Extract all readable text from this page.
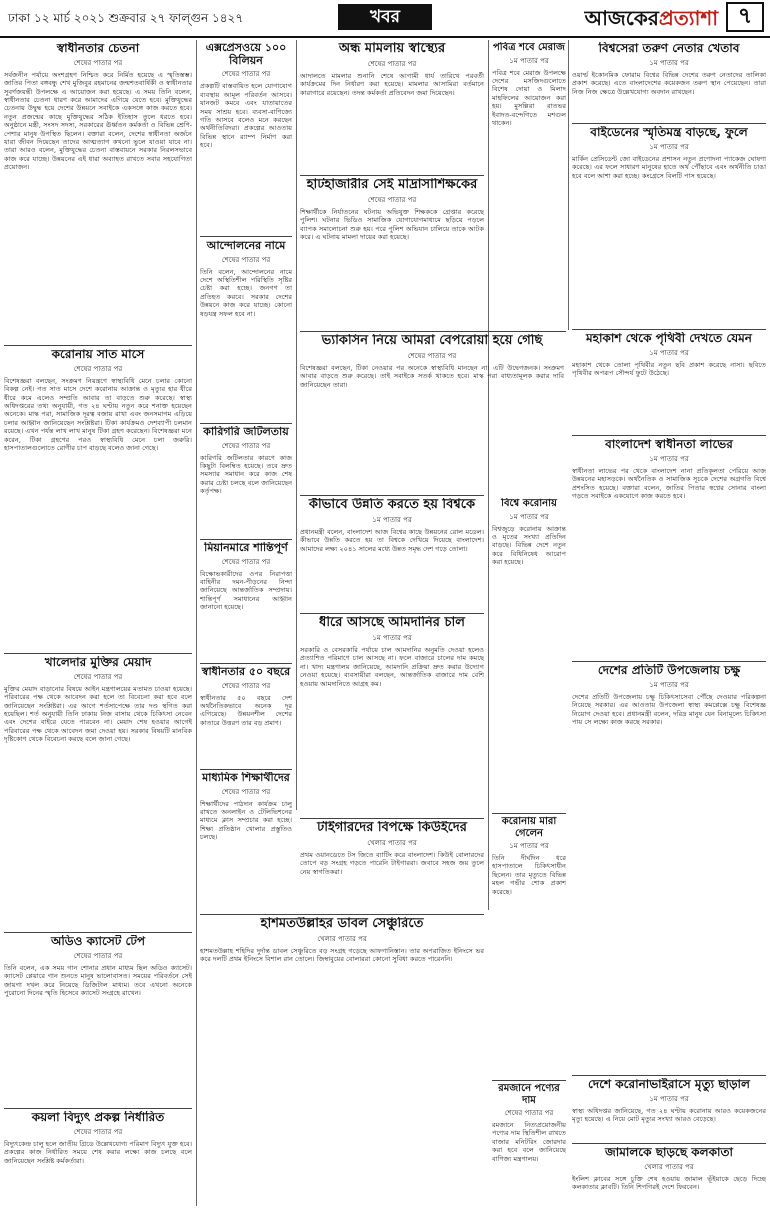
ঢাকা ১২ মার্চ ২০২১ শুক্রবার ২৭ ফাল্গুন ১৪২৭	খবর	আজকেরপ্রত্যাশা ৭
স্বাধীনতার চেতনা
শেষের পাতার পর

সর্বজনীন পর্যায়ে অংশগ্রহণ নিশ্চিত করে নির্মিত হয়েছে এ স্মৃতিস্তম্ভ। জাতির পিতা বঙ্গবন্ধু শেখ মুজিবুর রহমানের জন্মশতবার্ষিকী ও স্বাধীনতার সুবর্ণজয়ন্তী উপলক্ষে এ আয়োজন করা হয়েছে। এ সময় তিনি বলেন, স্বাধীনতার চেতনা ধারণ করে আমাদের এগিয়ে যেতে হবে। মুক্তিযুদ্ধের চেতনায় উদ্বুদ্ধ হয়ে দেশের উন্নয়নে সবাইকে একসঙ্গে কাজ করতে হবে। নতুন প্রজন্মের কাছে মুক্তিযুদ্ধের সঠিক ইতিহাস তুলে ধরতে হবে। অনুষ্ঠানে মন্ত্রী, সংসদ সদস্য, সরকারের ঊর্ধ্বতন কর্মকর্তা ও বিভিন্ন শ্রেণি-পেশার মানুষ উপস্থিত ছিলেন। বক্তারা বলেন, দেশের স্বাধীনতা অর্জনে যারা জীবন দিয়েছেন তাদের আত্মত্যাগ কখনো ভুলে যাওয়া যাবে না। তারা আরও বলেন, মুক্তিযুদ্ধের চেতনা বাস্তবায়নে সরকার নিরলসভাবে কাজ করে যাচ্ছে। উন্নয়নের এই ধারা অব্যাহত রাখতে সবার সহযোগিতা প্রয়োজন।

করোনায় সাত মাসে
শেষের পাতার পর

বিশেষজ্ঞরা বলছেন, সংক্রমণ নিয়ন্ত্রণে স্বাস্থ্যবিধি মেনে চলার কোনো বিকল্প নেই। গত সাত মাসে দেশে করোনায় আক্রান্ত ও মৃত্যুর হার ধীরে ধীরে কমে এলেও সম্প্রতি আবার তা বাড়তে শুরু করেছে। স্বাস্থ্য অধিদপ্তরের তথ্য অনুযায়ী, গত ২৪ ঘণ্টায় নতুন করে শনাক্ত হয়েছেন অনেকে। মাস্ক পরা, সামাজিক দূরত্ব বজায় রাখা এবং জনসমাগম এড়িয়ে চলার আহ্বান জানিয়েছেন সংশ্লিষ্টরা। টিকা কার্যক্রমও দেশব্যাপী চলমান রয়েছে। এখন পর্যন্ত লাখ লাখ মানুষ টিকা গ্রহণ করেছেন। বিশেষজ্ঞরা মনে করেন, টিকা গ্রহণের পরও স্বাস্থ্যবিধি মেনে চলা জরুরি। হাসপাতালগুলোতে রোগীর চাপ বাড়ছে বলেও জানা গেছে।

খালেদার মুক্তির মেয়াদ
শেষের পাতার পর

মুক্তির মেয়াদ বাড়ানোর বিষয়ে আইন মন্ত্রণালয়ের মতামত চাওয়া হয়েছে। পরিবারের পক্ষ থেকে আবেদন করা হলে তা বিবেচনা করা হবে বলে জানিয়েছেন সংশ্লিষ্টরা। এর আগে শর্তসাপেক্ষে তার দণ্ড স্থগিত করা হয়েছিল। শর্ত অনুযায়ী তিনি ঢাকায় নিজ বাসায় থেকে চিকিৎসা নেবেন এবং দেশের বাইরে যেতে পারবেন না। মেয়াদ শেষ হওয়ার আগেই পরিবারের পক্ষ থেকে আবেদন জমা দেওয়া হয়। সরকার বিষয়টি মানবিক দৃষ্টিকোণ থেকে বিবেচনা করছে বলে জানা গেছে।

অডিও ক্যাসেট টেপ
শেষের পাতার পর

তিনি বলেন, এক সময় গান শোনার প্রধান মাধ্যম ছিল অডিও ক্যাসেট। ক্যাসেট প্লেয়ারে গান শুনতে মানুষ ভালোবাসত। সময়ের পরিবর্তনে সেই জায়গা দখল করে নিয়েছে ডিজিটাল মাধ্যম। তবে এখনো অনেকে পুরোনো দিনের স্মৃতি হিসেবে ক্যাসেট সংগ্রহে রাখেন।

কয়লা বিদ্যুৎ প্রকল্প নির্ধারিত
শেষের পাতার পর

বিদ্যুৎকেন্দ্র চালু হলে জাতীয় গ্রিডে উল্লেখযোগ্য পরিমাণ বিদ্যুৎ যুক্ত হবে। প্রকল্পের কাজ নির্ধারিত সময়ে শেষ করার লক্ষ্যে কাজ চলছে বলে জানিয়েছেন সংশ্লিষ্ট কর্মকর্তারা।

এক্সপ্রেসওয়ে ১০০ বিলিয়ন
শেষের পাতার পর

প্রকল্পটি বাস্তবায়িত হলে যোগাযোগ ব্যবস্থায় আমূল পরিবর্তন আসবে। যানজট কমবে এবং যাতায়াতের সময় সাশ্রয় হবে। ব্যবসা-বাণিজ্যে গতি আসবে বলেও মনে করছেন অর্থনীতিবিদরা। প্রকল্পের আওতায় বিভিন্ন স্থানে র‌্যাম্প নির্মাণ করা হবে।

আন্দোলনের নামে
শেষের পাতার পর

তিনি বলেন, আন্দোলনের নামে দেশে অস্থিতিশীল পরিস্থিতি সৃষ্টির চেষ্টা করা হচ্ছে। জনগণ তা প্রতিহত করবে। সরকার দেশের উন্নয়নে কাজ করে যাচ্ছে। কোনো ষড়যন্ত্র সফল হবে না।

কারিগরি জটিলতায়
শেষের পাতার পর

কারিগরি জটিলতার কারণে কাজ কিছুটা বিলম্বিত হয়েছে। তবে দ্রুত সমস্যার সমাধান করে কাজ শেষ করার চেষ্টা চলছে বলে জানিয়েছেন কর্তৃপক্ষ।

মিয়ানমারে শান্তিপূর্ণ
শেষের পাতার পর

বিক্ষোভকারীদের ওপর নিরাপত্তা বাহিনীর দমন-পীড়নের নিন্দা জানিয়েছে আন্তর্জাতিক সম্প্রদায়। শান্তিপূর্ণ সমাধানের আহ্বান জানানো হয়েছে।

স্বাধীনতার ৫০ বছরে
শেষের পাতার পর

স্বাধীনতার ৫০ বছরে দেশ অর্থনৈতিকভাবে অনেক দূর এগিয়েছে। উন্নয়নশীল দেশের কাতারে উত্তরণ তার বড় প্রমাণ।

মাধ্যমিক শিক্ষার্থীদের
শেষের পাতার পর

শিক্ষার্থীদের পাঠদান কার্যক্রম চালু রাখতে অনলাইন ও টেলিভিশনের মাধ্যমে ক্লাস সম্প্রচার করা হচ্ছে। শিক্ষা প্রতিষ্ঠান খোলার প্রস্তুতিও চলছে।

অন্ধ মামলায় স্বাস্থ্যের
শেষের পাতার পর

আদালতে মামলার শুনানি শেষে আগামী ধার্য তারিখে পরবর্তী কার্যক্রমের দিন নির্ধারণ করা হয়েছে। মামলার আসামিরা বর্তমানে কারাগারে রয়েছেন। তদন্ত কর্মকর্তা প্রতিবেদন জমা দিয়েছেন।

হাটহাজারীর সেই মাদ্রাসাশিক্ষকের
শেষের পাতার পর

শিক্ষার্থীকে নির্যাতনের ঘটনায় অভিযুক্ত শিক্ষককে গ্রেপ্তার করেছে পুলিশ। ঘটনার ভিডিও সামাজিক যোগাযোগমাধ্যমে ছড়িয়ে পড়লে ব্যাপক সমালোচনা শুরু হয়। পরে পুলিশ অভিযান চালিয়ে তাকে আটক করে। এ ঘটনায় মামলা দায়ের করা হয়েছে।

ভ্যাকসিন নিয়ে আমরা বেপরোয়া হয়ে গেছি
শেষের পাতার পর

বিশেষজ্ঞরা বলছেন, টিকা নেওয়ার পর অনেকে স্বাস্থ্যবিধি মানছেন না। এটি উদ্বেগজনক। সংক্রমণ আবার বাড়তে শুরু করেছে। তাই সবাইকে সতর্ক থাকতে হবে। মাস্ক পরা বাধ্যতামূলক করার দাবি জানিয়েছেন তারা।

কীভাবে উন্নতি করতে হয় বিশ্বকে
১ম পাতার পর

প্রধানমন্ত্রী বলেন, বাংলাদেশ আজ বিশ্বের কাছে উন্নয়নের রোল মডেল। কীভাবে উন্নতি করতে হয় তা বিশ্বকে দেখিয়ে দিয়েছে বাংলাদেশ। আমাদের লক্ষ্য ২০৪১ সালের মধ্যে উন্নত সমৃদ্ধ দেশ গড়ে তোলা।

ধীরে আসছে আমদানির চাল
১ম পাতার পর

সরকারি ও বেসরকারি পর্যায়ে চাল আমদানির অনুমতি দেওয়া হলেও প্রত্যাশিত পরিমাণে চাল আসছে না। ফলে বাজারে চালের দাম কমছে না। খাদ্য মন্ত্রণালয় জানিয়েছে, আমদানি প্রক্রিয়া দ্রুত করার উদ্যোগ নেওয়া হয়েছে। ব্যবসায়ীরা বলছেন, আন্তর্জাতিক বাজারে দাম বেশি হওয়ায় আমদানিতে আগ্রহ কম।

টাইগারদের বিপক্ষে কিউইদের
খেলার পাতার পর

প্রথম ওয়ানডেতে টস জিতে ব্যাটিং করে বাংলাদেশ। কিউই বোলারদের তোপে বড় সংগ্রহ গড়তে পারেনি টাইগাররা। জবাবে সহজ জয় তুলে নেয় স্বাগতিকরা।

হাশমতউল্লাহর ডাবল সেঞ্চুরিতে
খেলার পাতার পর

হাশমতউল্লাহ শহিদির দুর্দান্ত ডাবল সেঞ্চুরিতে বড় সংগ্রহ গড়েছে আফগানিস্তান। তার অপরাজিত ইনিংসে ভর করে দলটি প্রথম ইনিংসে বিশাল রান তোলে। জিম্বাবুয়ের বোলাররা কোনো সুবিধা করতে পারেননি।

পবিত্র শবে মেরাজ
১ম পাতার পর

পবিত্র শবে মেরাজ উপলক্ষে দেশের মসজিদগুলোতে বিশেষ দোয়া ও মিলাদ মাহফিলের আয়োজন করা হয়। মুসল্লিরা রাতভর ইবাদত-বন্দেগিতে মশগুল থাকেন।

বিশ্বে করোনায়
১ম পাতার পর

বিশ্বজুড়ে করোনায় আক্রান্ত ও মৃতের সংখ্যা প্রতিদিন বাড়ছে। বিভিন্ন দেশে নতুন করে বিধিনিষেধ আরোপ করা হয়েছে।

করোনায় মারা গেলেন
১ম পাতার পর

তিনি দীর্ঘদিন ধরে হাসপাতালে চিকিৎসাধীন ছিলেন। তার মৃত্যুতে বিভিন্ন মহল গভীর শোক প্রকাশ করেছে।

রমজানে পণ্যের দাম
শেষের পাতার পর

রমজানে নিত্যপ্রয়োজনীয় পণ্যের দাম স্থিতিশীল রাখতে বাজার মনিটরিং জোরদার করা হবে বলে জানিয়েছে বাণিজ্য মন্ত্রণালয়।

বিশ্বসেরা তরুণ নেতার খেতাব
১ম পাতার পর

ওয়ার্ল্ড ইকোনমিক ফোরাম বিশ্বের বিভিন্ন দেশের তরুণ নেতাদের তালিকা প্রকাশ করেছে। এতে বাংলাদেশের কয়েকজন তরুণ স্থান পেয়েছেন। তারা নিজ নিজ ক্ষেত্রে উল্লেখযোগ্য অবদান রাখছেন।

বাইডেনের স্মৃতিমন্ত্র বাড়ছে, ফুলে
১ম পাতার পর

মার্কিন প্রেসিডেন্ট জো বাইডেনের প্রশাসন নতুন প্রণোদনা প্যাকেজ ঘোষণা করেছে। এর ফলে সাধারণ মানুষের হাতে অর্থ পৌঁছাবে এবং অর্থনীতি চাঙা হবে বলে আশা করা হচ্ছে। কংগ্রেসে বিলটি পাস হয়েছে।

মহাকাশ থেকে পৃথিবী দেখতে যেমন
১ম পাতার পর

মহাকাশ থেকে তোলা পৃথিবীর নতুন ছবি প্রকাশ করেছে নাসা। ছবিতে পৃথিবীর অপরূপ সৌন্দর্য ফুটে উঠেছে।

বাংলাদেশ স্বাধীনতা লাভের
১ম পাতার পর

স্বাধীনতা লাভের পর থেকে বাংলাদেশ নানা প্রতিকূলতা পেরিয়ে আজ উন্নয়নের মহাসড়কে। অর্থনৈতিক ও সামাজিক সূচকে দেশের অগ্রগতি বিশ্বে প্রশংসিত হয়েছে। বক্তারা বলেন, জাতির পিতার স্বপ্নের সোনার বাংলা গড়তে সবাইকে একযোগে কাজ করতে হবে।

দেশের প্রতিটি উপজেলায় চক্ষু
১ম পাতার পর

দেশের প্রতিটি উপজেলায় চক্ষু চিকিৎসাসেবা পৌঁছে দেওয়ার পরিকল্পনা নিয়েছে সরকার। এর আওতায় উপজেলা স্বাস্থ্য কমপ্লেক্সে চক্ষু বিশেষজ্ঞ নিয়োগ দেওয়া হবে। প্রধানমন্ত্রী বলেন, দরিদ্র মানুষ যেন বিনামূল্যে চিকিৎসা পায় সে লক্ষ্যে কাজ করছে সরকার।

দেশে করোনাভাইরাসে মৃত্যু ছাড়াল
১ম পাতার পর

স্বাস্থ্য অধিদপ্তর জানিয়েছে, গত ২৪ ঘণ্টায় করোনায় আরও কয়েকজনের মৃত্যু হয়েছে। এ নিয়ে মোট মৃত্যুর সংখ্যা আরও বেড়েছে।

জামালকে ছাড়ছে কলকাতা
খেলার পাতার পর

ইংলিশ ক্লাবের সঙ্গে চুক্তি শেষ হওয়ায় জামাল ভূঁইয়াকে ছেড়ে দিচ্ছে কলকাতার ক্লাবটি। তিনি শিগগিরই দেশে ফিরবেন।
